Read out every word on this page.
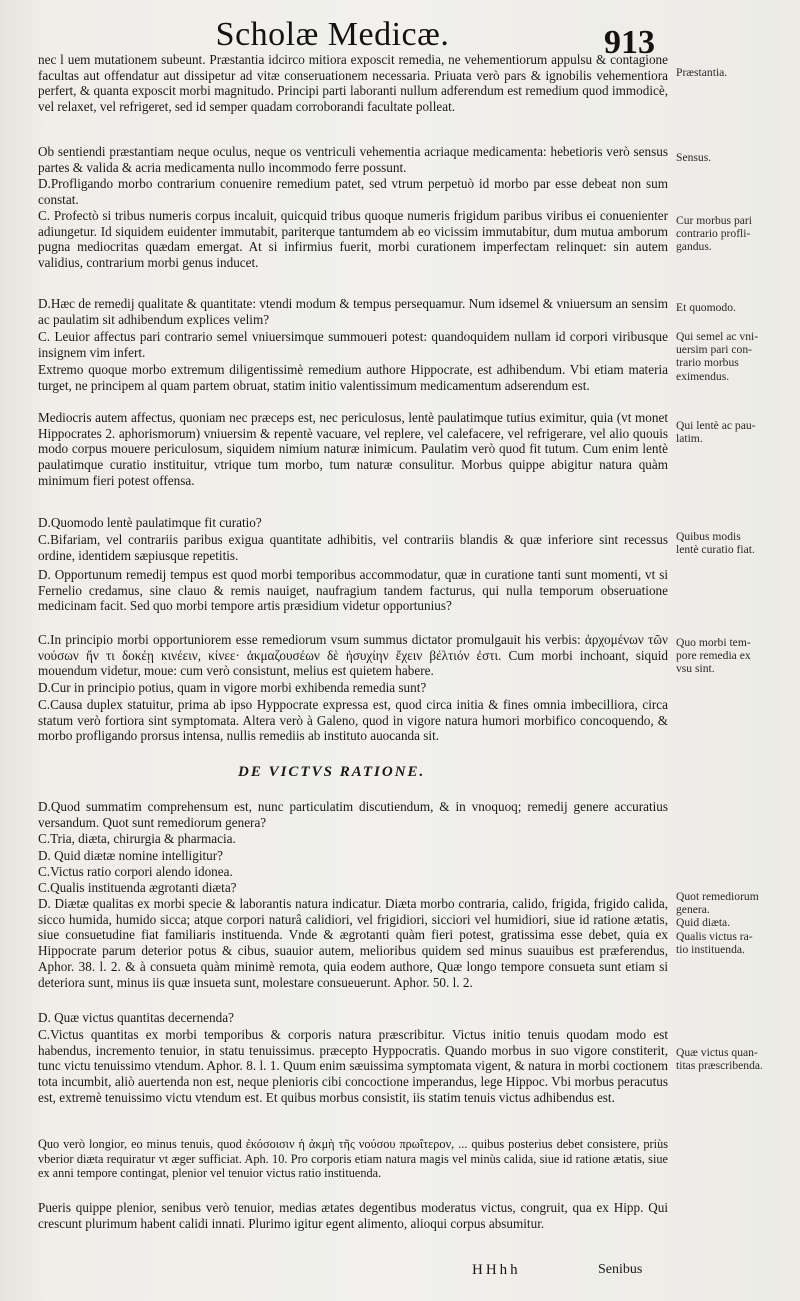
Scholæ Medicæ.	913

nec l uem mutationem subeunt. Præstantia idcirco mitiora exposcit remedia, ne vehementiorum appulsu & contagione facultas aut offendatur aut dissipetur ad vitæ conseruationem necessaria. Priuata verò pars & ignobilis vehementiora perfert, & quanta exposcit morbi magnitudo. Principi parti laboranti nullum adferendum est remedium quod immodicè, vel relaxet, vel refrigeret, sed id semper quadam corroborandi facultate polleat.

Ob sentiendi præstantiam neque oculus, neque os ventriculi vehementia acriaque medicamenta: hebetioris verò sensus partes & valida & acria medicamenta nullo incommodo ferre possunt.

D.Profligando morbo contrarium conuenire remedium patet, sed vtrum perpetuò id morbo par esse debeat non sum constat.

C. Profectò si tribus numeris corpus incaluit, quicquid tribus quoque numeris frigidum paribus viribus ei conuenienter adiungetur. Id siquidem euidenter immutabit, pariterque tantumdem ab eo vicissim immutabitur, dum mutua amborum pugna mediocritas quædam emergat. At si infirmius fuerit, morbi curationem imperfectam relinquet: sin autem validius, contrarium morbi genus inducet.

D.Hæc de remedij qualitate & quantitate: vtendi modum & tempus persequamur. Num idsemel & vniuersum an sensim ac paulatim sit adhibendum explices velim?

C. Leuior affectus pari contrario semel vniuersimque summoueri potest: quandoquidem nullam id corpori viribusque insignem vim infert.

Extremo quoque morbo extremum diligentissimè remedium authore Hippocrate, est adhibendum. Vbi etiam materia turget, ne principem al quam partem obruat, statim initio valentissimum medicamentum adserendum est.

Mediocris autem affectus, quoniam nec præceps est, nec periculosus, lentè paulatimque tutius eximitur, quia (vt monet Hippocrates 2. aphorismorum) vniuersim & repentè vacuare, vel replere, vel calefacere, vel refrigerare, vel alio quouis modo corpus mouere periculosum, siquidem nimium naturæ inimicum. Paulatim verò quod fit tutum. Cum enim lentè paulatimque curatio instituitur, vtrique tum morbo, tum naturæ consulitur. Morbus quippe abigitur natura quàm minimum fieri potest offensa.

D.Quomodo lentè paulatimque fit curatio?

C.Bifariam, vel contrariis paribus exigua quantitate adhibitis, vel contrariis blandis & quæ inferiore sint recessus ordine, identidem sæpiusque repetitis.

D. Opportunum remedij tempus est quod morbi temporibus accommodatur, quæ in curatione tanti sunt momenti, vt si Fernelio credamus, sine clauo & remis nauiget, naufragium tandem facturus, qui nulla temporum obseruatione medicinam facit. Sed quo morbi tempore artis præsidium videtur opportunius?

C.In principio morbi opportuniorem esse remediorum vsum summus dictator promulgauit his verbis: ἀρχομένων τῶν νούσων ἤν τι δοκέῃ κινέειν, κίνεε· ἀκμαζουσέων δὲ ἡσυχίην ἔχειν βέλτιόν ἐστι. Cum morbi inchoant, siquid mouendum videtur, moue: cum verò consistunt, melius est quietem habere.

D.Cur in principio potius, quam in vigore morbi exhibenda remedia sunt?

C.Causa duplex statuitur, prima ab ipso Hyppocrate expressa est, quod circa initia & fines omnia imbecilliora, circa statum verò fortiora sint symptomata. Altera verò à Galeno, quod in vigore natura humori morbifico concoquendo, & morbo profligando prorsus intensa, nullis remediis ab instituto auocanda sit.

DE VICTVS RATIONE.

D.Quod summatim comprehensum est, nunc particulatim discutiendum, & in vnoquoq; remedij genere accuratius versandum. Quot sunt remediorum genera?

C.Tria, diæta, chirurgia & pharmacia.

D. Quid diætæ nomine intelligitur?

C.Victus ratio corpori alendo idonea.

C.Qualis instituenda ægrotanti diæta?

D. Diætæ qualitas ex morbi specie & laborantis natura indicatur. Diæta morbo contraria, calido, frigida, frigido calida, sicco humida, humido sicca; atque corpori naturâ calidiori, vel frigidiori, sicciori vel humidiori, siue id ratione ætatis, siue consuetudine fiat familiaris instituenda. Vnde & ægrotanti quàm fieri potest, gratissima esse debet, quia ex Hippocrate parum deterior potus & cibus, suauior autem, melioribus quidem sed minus suauibus est præferendus, Aphor. 38. l. 2. & à consueta quàm minimè remota, quia eodem authore, Quæ longo tempore consueta sunt etiam si deteriora sunt, minus iis quæ insueta sunt, molestare consueuerunt. Aphor. 50. l. 2.

D. Quæ victus quantitas decernenda?

C.Victus quantitas ex morbi temporibus & corporis natura præscribitur. Victus initio tenuis quodam modo est habendus, incremento tenuior, in statu tenuissimus. præcepto Hyppocratis. Quando morbus in suo vigore constiterit, tunc victu tenuissimo vtendum. Aphor. 8. l. 1. Quum enim sæuissima symptomata vigent, & natura in morbi coctionem tota incumbit, aliò auertenda non est, neque plenioris cibi concoctione imperandus, lege Hippoc. Vbi morbus peracutus est, extremè tenuissimo victu vtendum est. Et quibus morbus consistit, iis statim tenuis victus adhibendus est.

Quo verò longior, eo minus tenuis, quod ἐκόσοισιν ἡ ἀκμὴ τῆς νούσου πρωΐτερον, ... quibus posterius debet consistere, priùs vberior diæta requiratur vt æger sufficiat. Aph. 10. Pro corporis etiam natura magis vel minùs calida, siue id ratione ætatis, siue ex anni tempore contingat, plenior vel tenuior victus ratio instituenda.

Pueris quippe plenior, senibus verò tenuior, medias ætates degentibus moderatus victus, congruit, qua ex Hipp. Qui crescunt plurimum habent calidi innati. Plurimo igitur egent alimento, alioqui corpus absumitur.

Præstantia.
Sensus.
Cur morbus pari
contrario profli-
gandus.
Et quomodo.
Qui semel ac vni-
uersim pari con-
trario morbus
eximendus.
Qui lentè ac pau-
latim.
Quibus modis
lentè curatio fiat.
Quo morbi tem-
pore remedia ex
vsu sint.
Quot remediorum
genera.
Quid diæta.
Qualis victus ra-
tio instituenda.
Quæ victus quan-
titas præscribenda.
HHhh	Senibus
